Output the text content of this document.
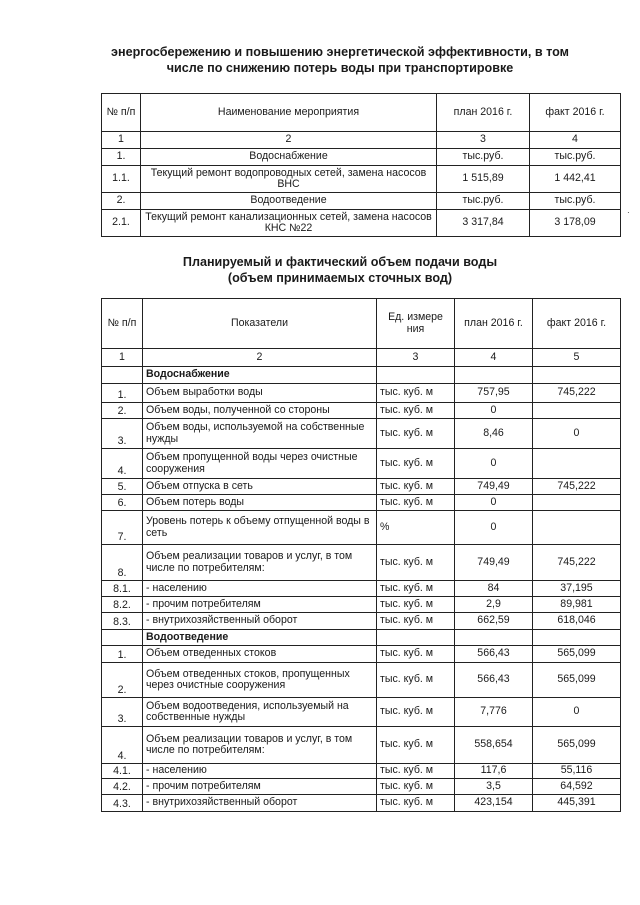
энергосбережению и повышению энергетической эффективности, в том
числе по снижению потерь воды при транспортировке
№ п/п	Наименование мероприятия	план 2016 г.	факт 2016 г.
1	2	3	4
1.	Водоснабжение	тыс.руб.	тыс.руб.
1.1.	Текущий ремонт водопроводных сетей, замена насосов ВНС	1 515,89	1 442,41
2.	Водоотведение	тыс.руб.	тыс.руб.
2.1.	Текущий ремонт канализационных сетей, замена насосов КНС №22	3 317,84	3 178,09
Планируемый и фактический объем подачи воды
(объем принимаемых сточных вод)
№ п/п	Показатели	Ед. измере ния	план 2016 г.	факт 2016 г.
1	2	3	4	5
	Водоснабжение			
1.	Объем выработки воды	тыс. куб. м	757,95	745,222
2.	Объем воды, полученной со стороны	тыс. куб. м	0	
3.	Объем воды, используемой на собственные нужды	тыс. куб. м	8,46	0
4.	Объем пропущенной воды через очистные сооружения	тыс. куб. м	0	
5.	Объем отпуска в сеть	тыс. куб. м	749,49	745,222
6.	Объем потерь воды	тыс. куб. м	0	
7.	Уровень потерь к объему отпущенной воды в сеть	%	0	
8.	Объем реализации товаров и услуг, в том числе по потребителям:	тыс. куб. м	749,49	745,222
8.1.	- населению	тыс. куб. м	84	37,195
8.2.	- прочим потребителям	тыс. куб. м	2,9	89,981
8.3.	- внутрихозяйственный оборот	тыс. куб. м	662,59	618,046
	Водоотведение			
1.	Объем отведенных стоков	тыс. куб. м	566,43	565,099
2.	Объем отведенных стоков, пропущенных через очистные сооружения	тыс. куб. м	566,43	565,099
3.	Объем водоотведения, используемый на собственные нужды	тыс. куб. м	7,776	0
4.	Объем реализации товаров и услуг, в том числе по потребителям:	тыс. куб. м	558,654	565,099
4.1.	- населению	тыс. куб. м	117,6	55,116
4.2.	- прочим потребителям	тыс. куб. м	3,5	64,592
4.3.	- внутрихозяйственный оборот	тыс. куб. м	423,154	445,391
·
